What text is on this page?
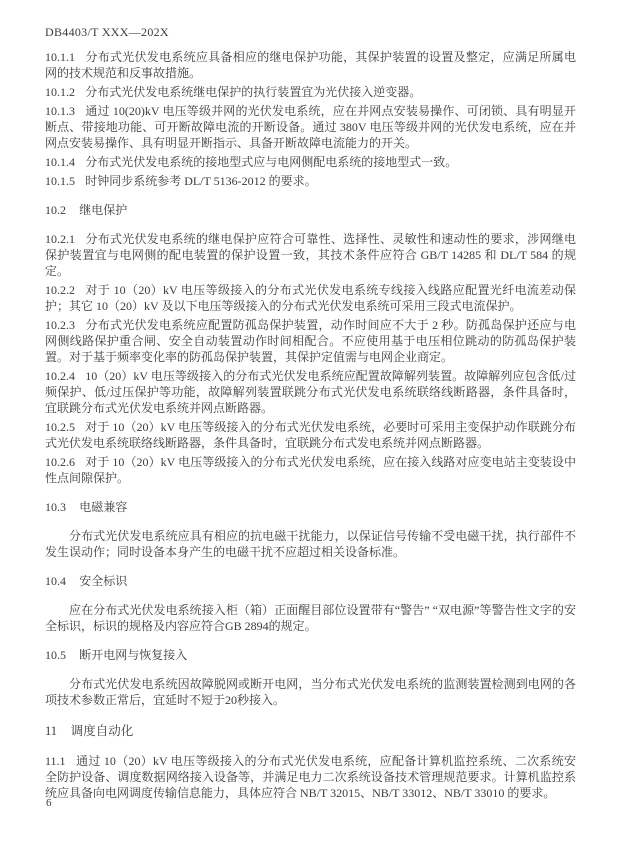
DB4403/T XXX—202X

10.1.1 分布式光伏发电系统应具备相应的继电保护功能，其保护装置的设置及整定，应满足所属电网的技术规范和反事故措施。

10.1.2 分布式光伏发电系统继电保护的执行装置宜为光伏接入逆变器。

10.1.3 通过 10(20)kV 电压等级并网的光伏发电系统，应在并网点安装易操作、可闭锁、具有明显开断点、带接地功能、可开断故障电流的开断设备。通过 380V 电压等级并网的光伏发电系统，应在并网点安装易操作、具有明显开断指示、具备开断故障电流能力的开关。

10.1.4 分布式光伏发电系统的接地型式应与电网侧配电系统的接地型式一致。

10.1.5 时钟同步系统参考 DL/T 5136-2012 的要求。

10.2 继电保护

10.2.1 分布式光伏发电系统的继电保护应符合可靠性、选择性、灵敏性和速动性的要求，涉网继电保护装置宜与电网侧的配电装置的保护设置一致，其技术条件应符合 GB/T 14285 和 DL/T 584 的规定。

10.2.2 对于 10（20）kV 电压等级接入的分布式光伏发电系统专线接入线路应配置光纤电流差动保护；其它 10（20）kV 及以下电压等级接入的分布式光伏发电系统可采用三段式电流保护。

10.2.3 分布式光伏发电系统应配置防孤岛保护装置，动作时间应不大于 2 秒。防孤岛保护还应与电网侧线路保护重合闸、安全自动装置动作时间相配合。不应使用基于电压相位跳动的防孤岛保护装置。对于基于频率变化率的防孤岛保护装置，其保护定值需与电网企业商定。

10.2.4 10（20）kV 电压等级接入的分布式光伏发电系统应配置故障解列装置。故障解列应包含低/过频保护、低/过压保护等功能，故障解列装置联跳分布式光伏发电系统联络线断路器，条件具备时，宜联跳分布式光伏发电系统并网点断路器。

10.2.5 对于 10（20）kV 电压等级接入的分布式光伏发电系统，必要时可采用主变保护动作联跳分布式光伏发电系统联络线断路器，条件具备时，宜联跳分布式发电系统并网点断路器。

10.2.6 对于 10（20）kV 电压等级接入的分布式光伏发电系统，应在接入线路对应变电站主变装设中性点间隙保护。

10.3 电磁兼容

分布式光伏发电系统应具有相应的抗电磁干扰能力，以保证信号传输不受电磁干扰，执行部件不发生误动作；同时设备本身产生的电磁干扰不应超过相关设备标准。

10.4 安全标识

应在分布式光伏发电系统接入柜（箱）正面醒目部位设置带有“警告” “双电源”等警告性文字的安全标识，标识的规格及内容应符合GB 2894的规定。

10.5 断开电网与恢复接入

分布式光伏发电系统因故障脱网或断开电网，当分布式光伏发电系统的监测装置检测到电网的各项技术参数正常后，宜延时不短于20秒接入。

11 调度自动化

11.1 通过 10（20）kV 电压等级接入的分布式光伏发电系统，应配备计算机监控系统、二次系统安全防护设备、调度数据网络接入设备等，并满足电力二次系统设备技术管理规范要求。计算机监控系统应具备向电网调度传输信息能力，具体应符合 NB/T 32015、NB/T 33012、NB/T 33010 的要求。

6
